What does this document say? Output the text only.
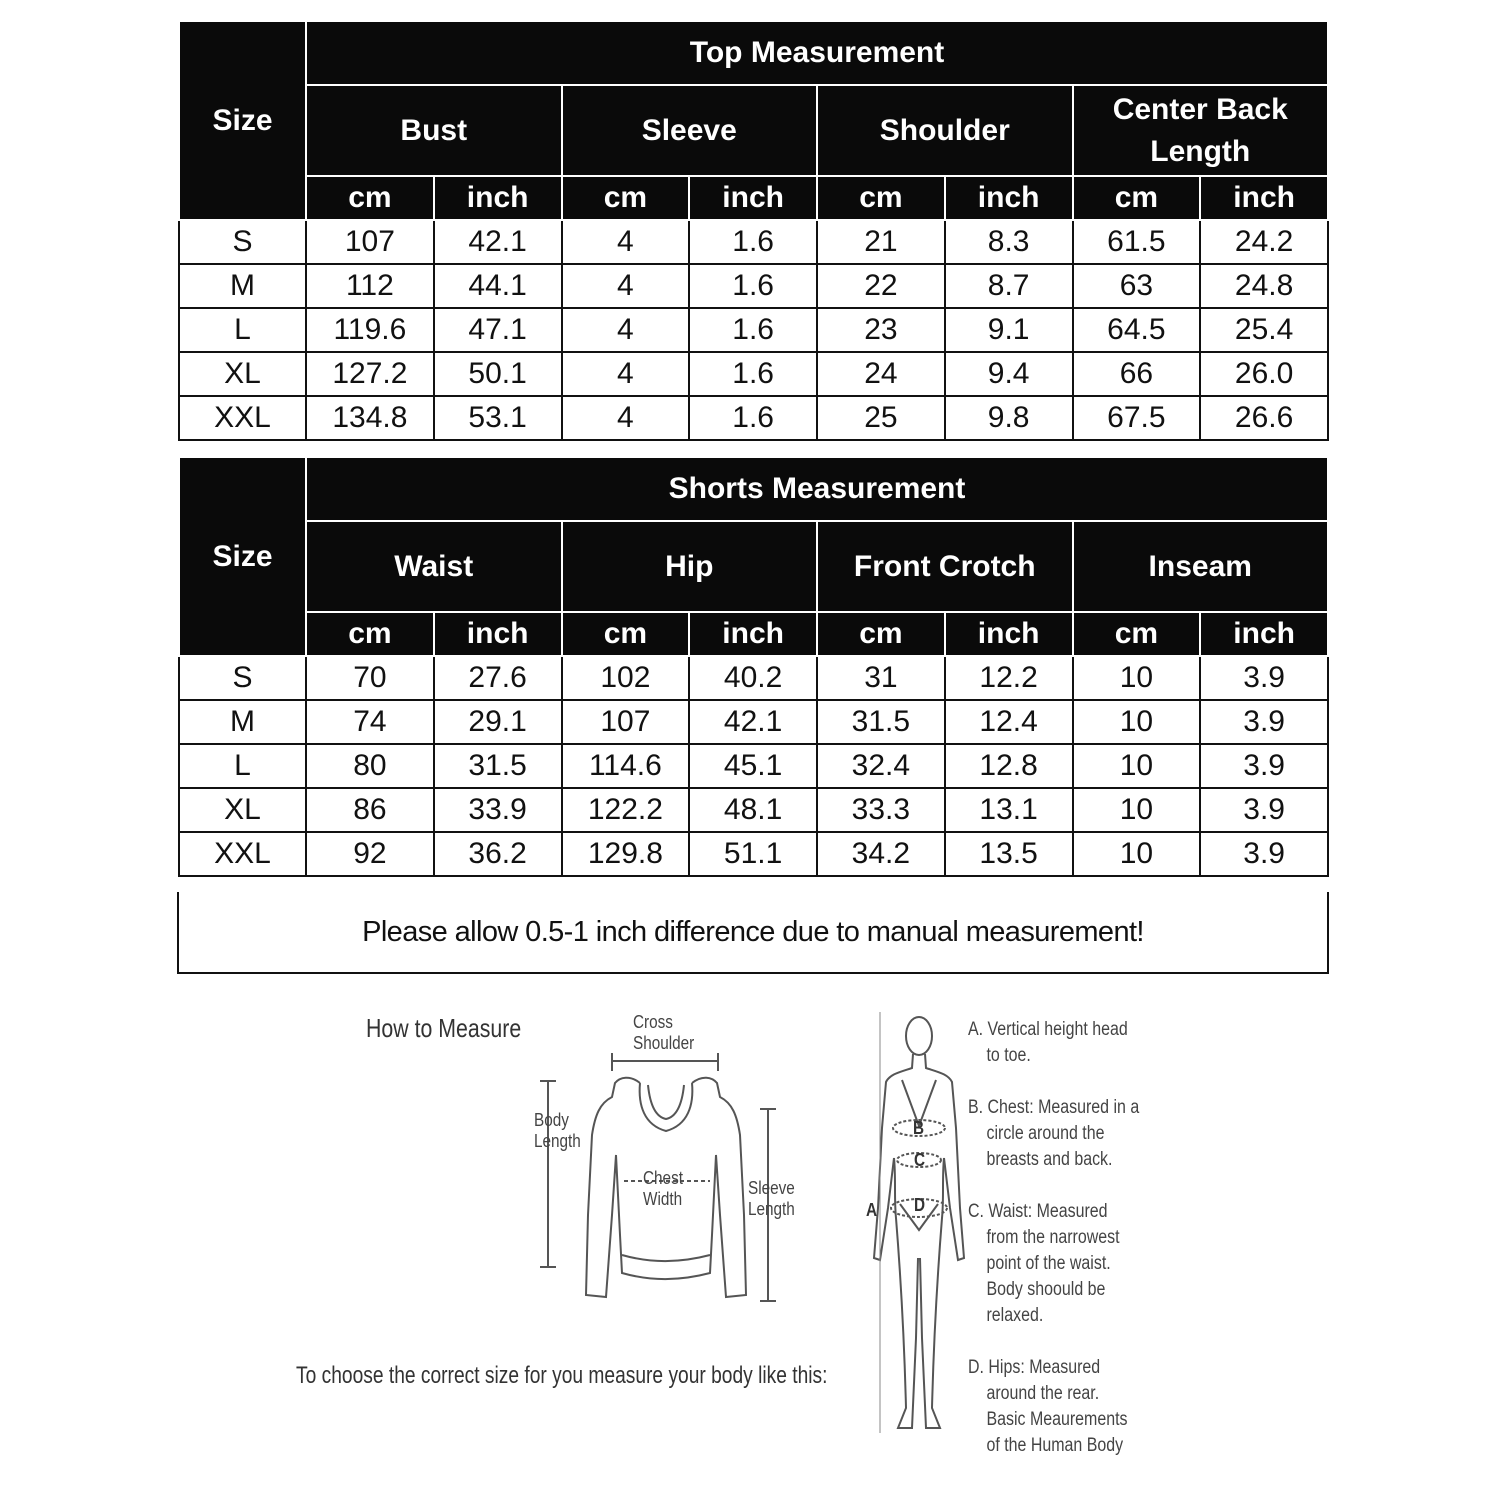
Size	Top Measurement							
	Bust		Sleeve		Shoulder		Center Back Length	
	cm	inch	cm	inch	cm	inch	cm	inch
S	107	42.1	4	1.6	21	8.3	61.5	24.2
M	112	44.1	4	1.6	22	8.7	63	24.8
L	119.6	47.1	4	1.6	23	9.1	64.5	25.4
XL	127.2	50.1	4	1.6	24	9.4	66	26.0
XXL	134.8	53.1	4	1.6	25	9.8	67.5	26.6
Size	Shorts Measurement							
	Waist		Hip		Front Crotch		Inseam	
	cm	inch	cm	inch	cm	inch	cm	inch
S	70	27.6	102	40.2	31	12.2	10	3.9
M	74	29.1	107	42.1	31.5	12.4	10	3.9
L	80	31.5	114.6	45.1	32.4	12.8	10	3.9
XL	86	33.9	122.2	48.1	33.3	13.1	10	3.9
XXL	92	36.2	129.8	51.1	34.2	13.5	10	3.9
Please allow 0.5-1 inch difference due to manual measurement!
How to Measure	Cross
Shoulder
Body
Length
Chest
Width
Sleeve
Length
To choose the correct size for you measure your body like this:
A
B
C
D

A. Vertical height head
to toe.

B. Chest: Measured in a
circle around the
breasts and back.

C. Waist: Measured
from the narrowest
point of the waist.
Body shoould be
relaxed.

D. Hips: Measured
around the rear.
Basic Meaurements
of the Human Body
